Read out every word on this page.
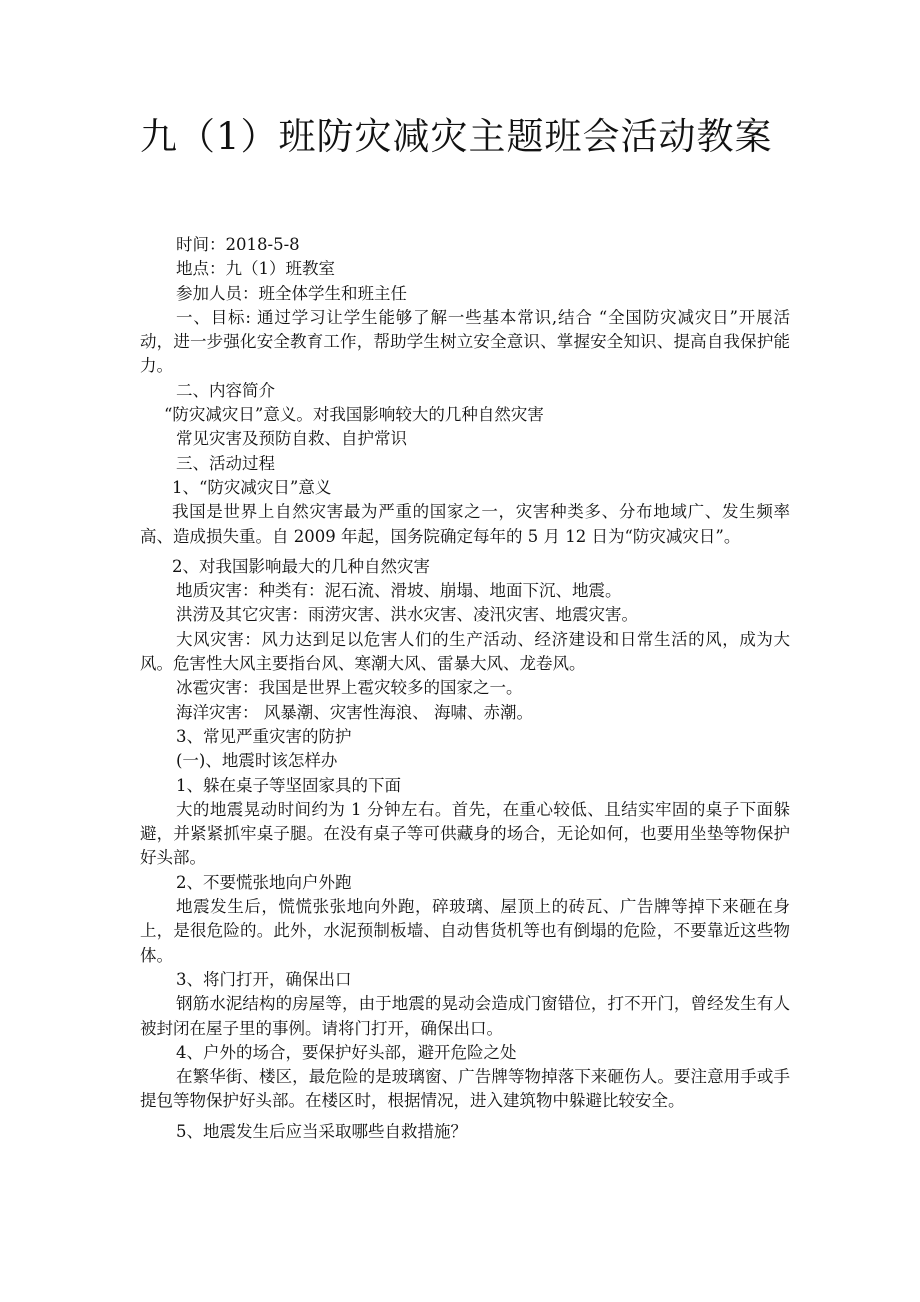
九（1）班防灾减灾主题班会活动教案

时间：2018-5-8

地点：九（1）班教室

参加人员：班全体学生和班主任

一、目标: 通过学习让学生能够了解一些基本常识,结合 “全国防灾减灾日”开展活动，进一步强化安全教育工作，帮助学生树立安全意识、掌握安全知识、提高自我保护能力。

二、内容简介

“防灾减灾日”意义。对我国影响较大的几种自然灾害

常见灾害及预防自救、自护常识

三、活动过程

1、“防灾减灾日”意义

我国是世界上自然灾害最为严重的国家之一，灾害种类多、分布地域广、发生频率高、造成损失重。自 2009 年起，国务院确定每年的 5 月 12 日为“防灾减灾日”。

2、对我国影响最大的几种自然灾害

地质灾害：种类有：泥石流、滑坡、崩塌、地面下沉、地震。

洪涝及其它灾害：雨涝灾害、洪水灾害、凌汛灾害、地震灾害。

大风灾害：风力达到足以危害人们的生产活动、经济建设和日常生活的风，成为大风。危害性大风主要指台风、寒潮大风、雷暴大风、龙卷风。

冰雹灾害：我国是世界上雹灾较多的国家之一。

海洋灾害： 风暴潮、灾害性海浪、 海啸、赤潮。

3、常见严重灾害的防护

(一)、地震时该怎样办

1、躲在桌子等坚固家具的下面

大的地震晃动时间约为 1 分钟左右。首先，在重心较低、且结实牢固的桌子下面躲避，并紧紧抓牢桌子腿。在没有桌子等可供藏身的场合，无论如何，也要用坐垫等物保护好头部。

2、不要慌张地向户外跑

地震发生后，慌慌张张地向外跑，碎玻璃、屋顶上的砖瓦、广告牌等掉下来砸在身上，是很危险的。此外，水泥预制板墙、自动售货机等也有倒塌的危险，不要靠近这些物体。

3、将门打开，确保出口

钢筋水泥结构的房屋等，由于地震的晃动会造成门窗错位，打不开门，曾经发生有人被封闭在屋子里的事例。请将门打开，确保出口。

4、户外的场合，要保护好头部，避开危险之处

在繁华街、楼区，最危险的是玻璃窗、广告牌等物掉落下来砸伤人。要注意用手或手提包等物保护好头部。在楼区时，根据情况，进入建筑物中躲避比较安全。

5、地震发生后应当采取哪些自救措施？
